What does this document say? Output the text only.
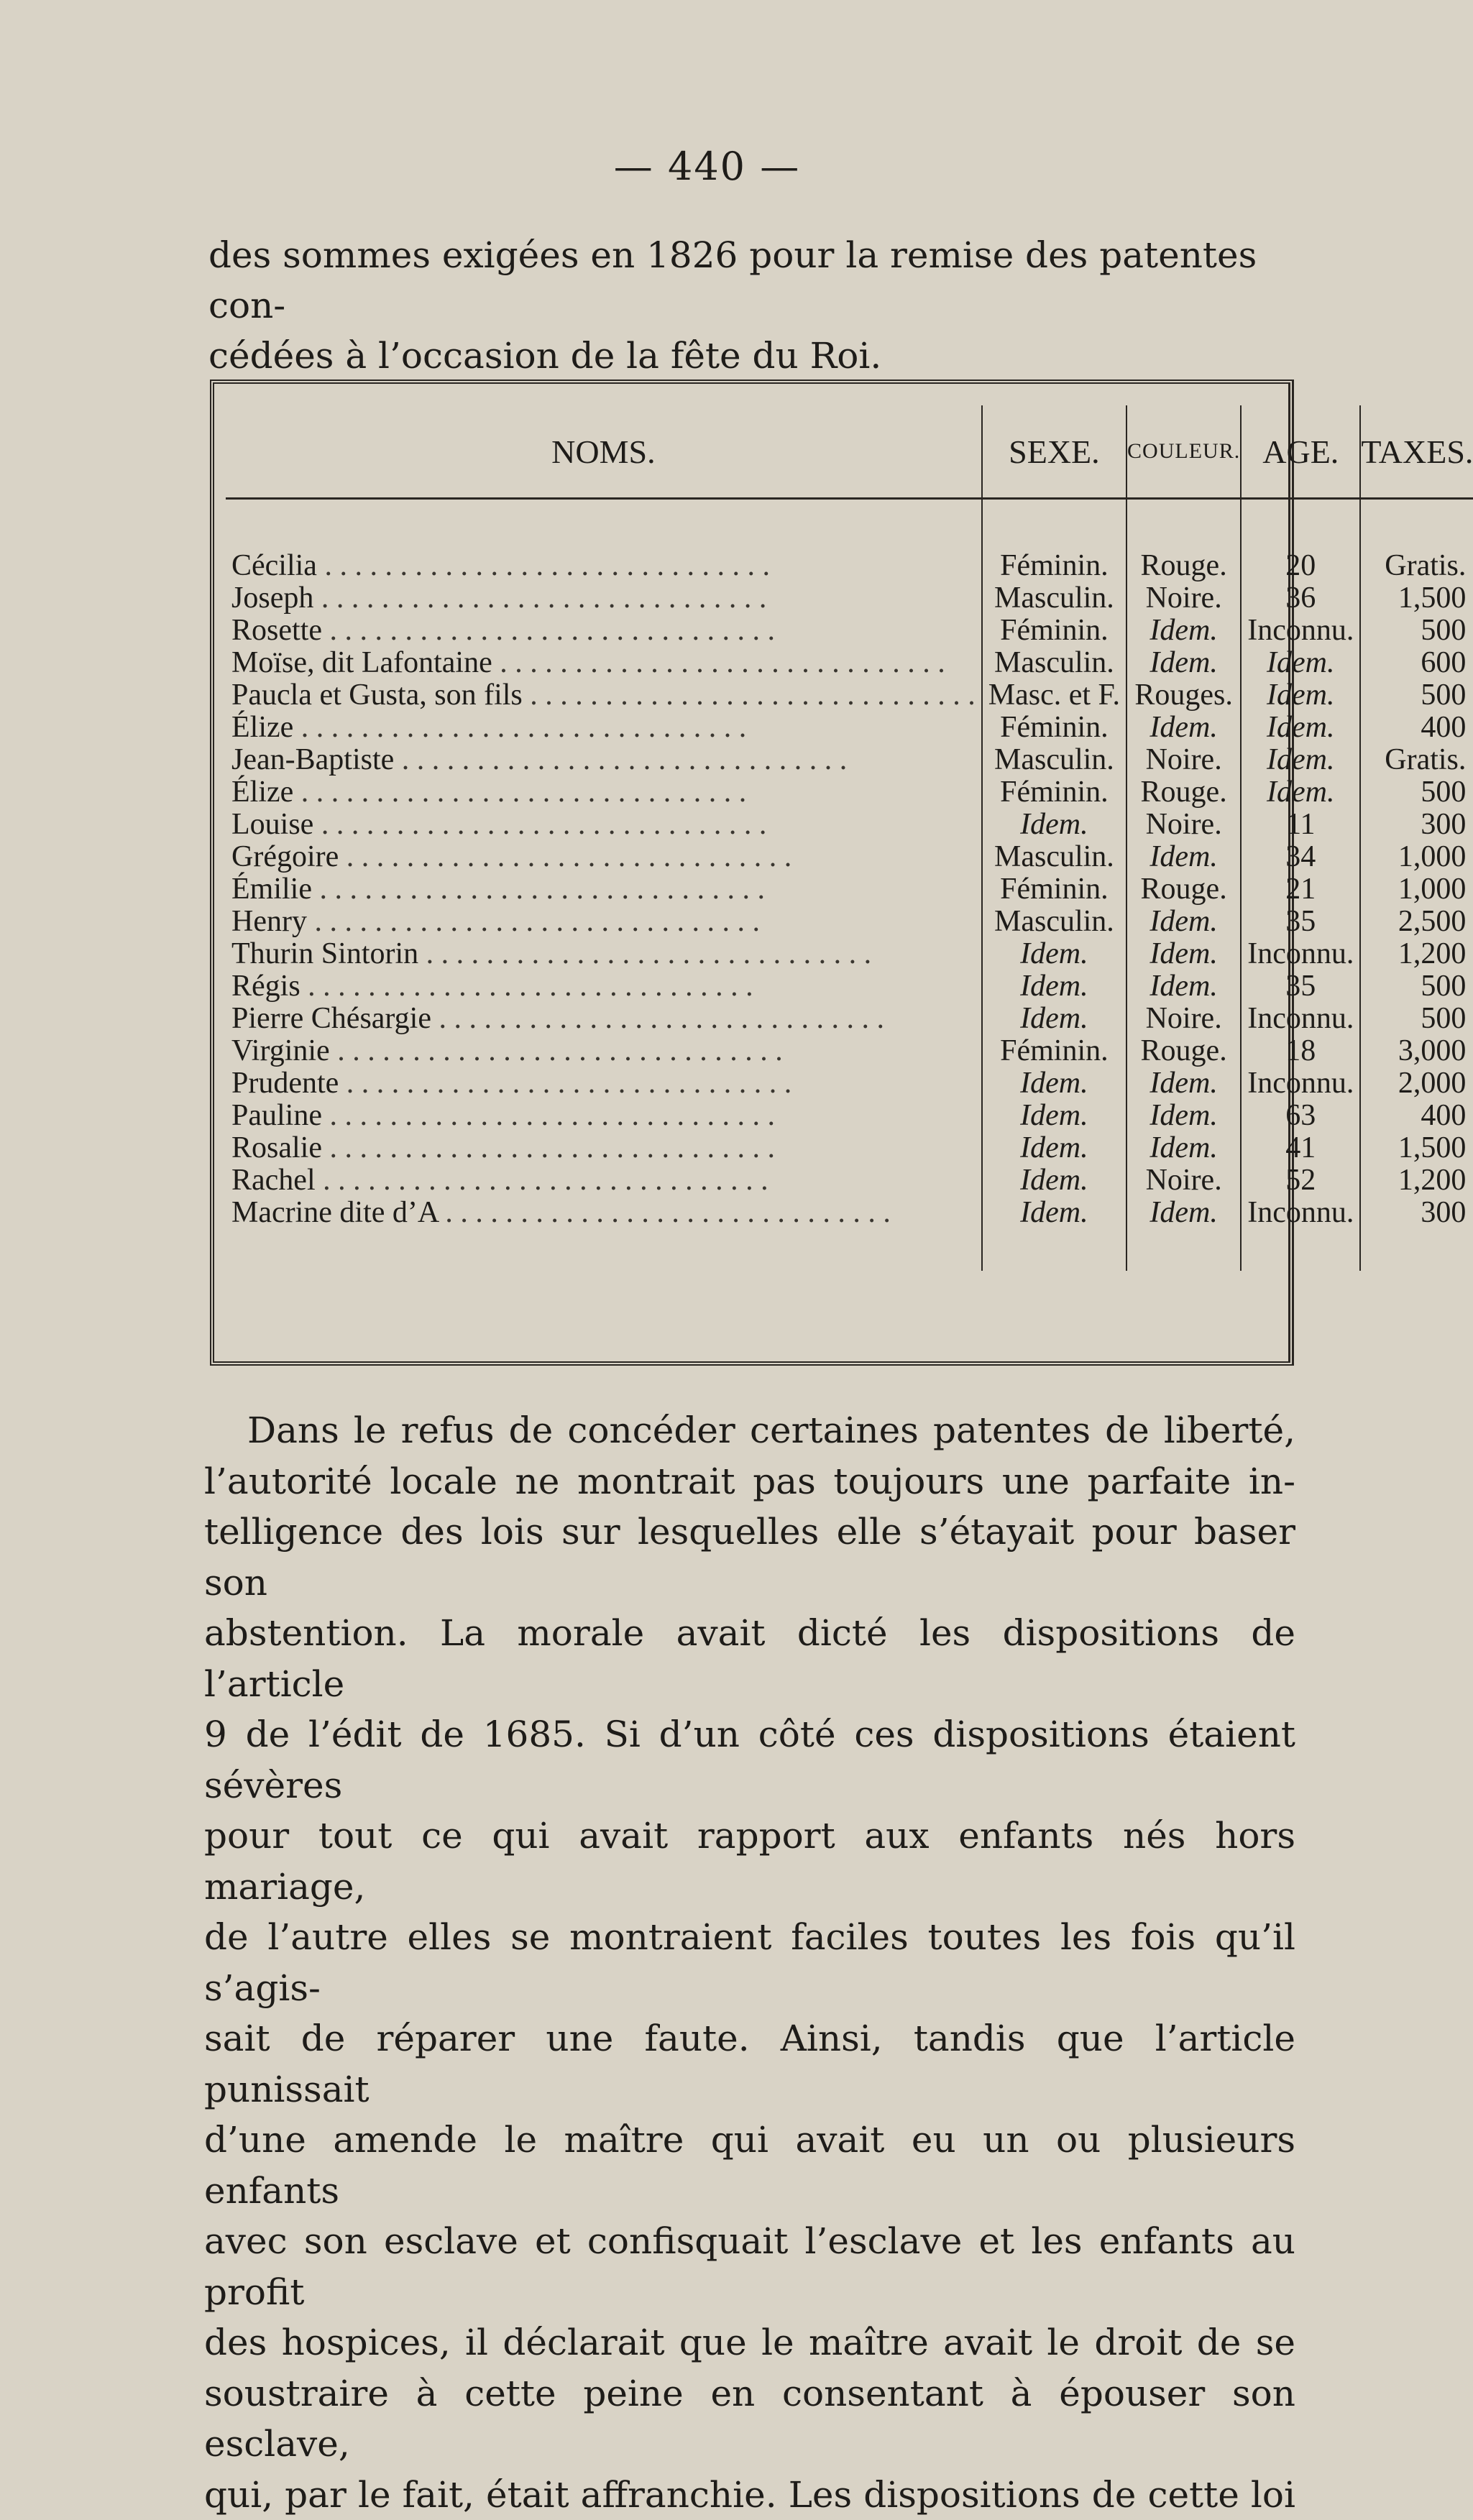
— 440 —
des sommes exigées en 1826 pour la remise des patentes con-
cédées à l’occasion de la fête du Roi.
NOMS.	SEXE.	COULEUR.	AGE.	TAXES.
Cécilia . . . . . . . . . . . . . . . . . . . . . . . . . . . . . .	Féminin.	Rouge.	20	Gratis.
Joseph . . . . . . . . . . . . . . . . . . . . . . . . . . . . . .	Masculin.	Noire.	36	1,500
Rosette . . . . . . . . . . . . . . . . . . . . . . . . . . . . . .	Féminin.	Idem.	Inconnu.	500
Moïse, dit Lafontaine . . . . . . . . . . . . . . . . . . . . . . . . . . . . . .	Masculin.	Idem.	Idem.	600
Paucla et Gusta, son fils . . . . . . . . . . . . . . . . . . . . . . . . . . . . . .	Masc. et F.	Rouges.	Idem.	500
Élize . . . . . . . . . . . . . . . . . . . . . . . . . . . . . .	Féminin.	Idem.	Idem.	400
Jean-Baptiste . . . . . . . . . . . . . . . . . . . . . . . . . . . . . .	Masculin.	Noire.	Idem.	Gratis.
Élize . . . . . . . . . . . . . . . . . . . . . . . . . . . . . .	Féminin.	Rouge.	Idem.	500
Louise . . . . . . . . . . . . . . . . . . . . . . . . . . . . . .	Idem.	Noire.	11	300
Grégoire . . . . . . . . . . . . . . . . . . . . . . . . . . . . . .	Masculin.	Idem.	34	1,000
Émilie . . . . . . . . . . . . . . . . . . . . . . . . . . . . . .	Féminin.	Rouge.	21	1,000
Henry . . . . . . . . . . . . . . . . . . . . . . . . . . . . . .	Masculin.	Idem.	35	2,500
Thurin Sintorin . . . . . . . . . . . . . . . . . . . . . . . . . . . . . .	Idem.	Idem.	Inconnu.	1,200
Régis . . . . . . . . . . . . . . . . . . . . . . . . . . . . . .	Idem.	Idem.	35	500
Pierre Chésargie . . . . . . . . . . . . . . . . . . . . . . . . . . . . . .	Idem.	Noire.	Inconnu.	500
Virginie . . . . . . . . . . . . . . . . . . . . . . . . . . . . . .	Féminin.	Rouge.	18	3,000
Prudente . . . . . . . . . . . . . . . . . . . . . . . . . . . . . .	Idem.	Idem.	Inconnu.	2,000
Pauline . . . . . . . . . . . . . . . . . . . . . . . . . . . . . .	Idem.	Idem.	63	400
Rosalie . . . . . . . . . . . . . . . . . . . . . . . . . . . . . .	Idem.	Idem.	41	1,500
Rachel . . . . . . . . . . . . . . . . . . . . . . . . . . . . . .	Idem.	Noire.	52	1,200
Macrine dite d’A . . . . . . . . . . . . . . . . . . . . . . . . . . . . . .	Idem.	Idem.	Inconnu.	300
Dans le refus de concéder certaines patentes de liberté,
l’autorité locale ne montrait pas toujours une parfaite in-
telligence des lois sur lesquelles elle s’étayait pour baser son
abstention. La morale avait dicté les dispositions de l’article
9 de l’édit de 1685. Si d’un côté ces dispositions étaient sévères
pour tout ce qui avait rapport aux enfants nés hors mariage,
de l’autre elles se montraient faciles toutes les fois qu’il s’agis-
sait de réparer une faute. Ainsi, tandis que l’article punissait
d’une amende le maître qui avait eu un ou plusieurs enfants
avec son esclave et confisquait l’esclave et les enfants au profit
des hospices, il déclarait que le maître avait le droit de se
soustraire à cette peine en consentant à épouser son esclave,
qui, par le fait, était affranchie. Les dispositions de cette loi
